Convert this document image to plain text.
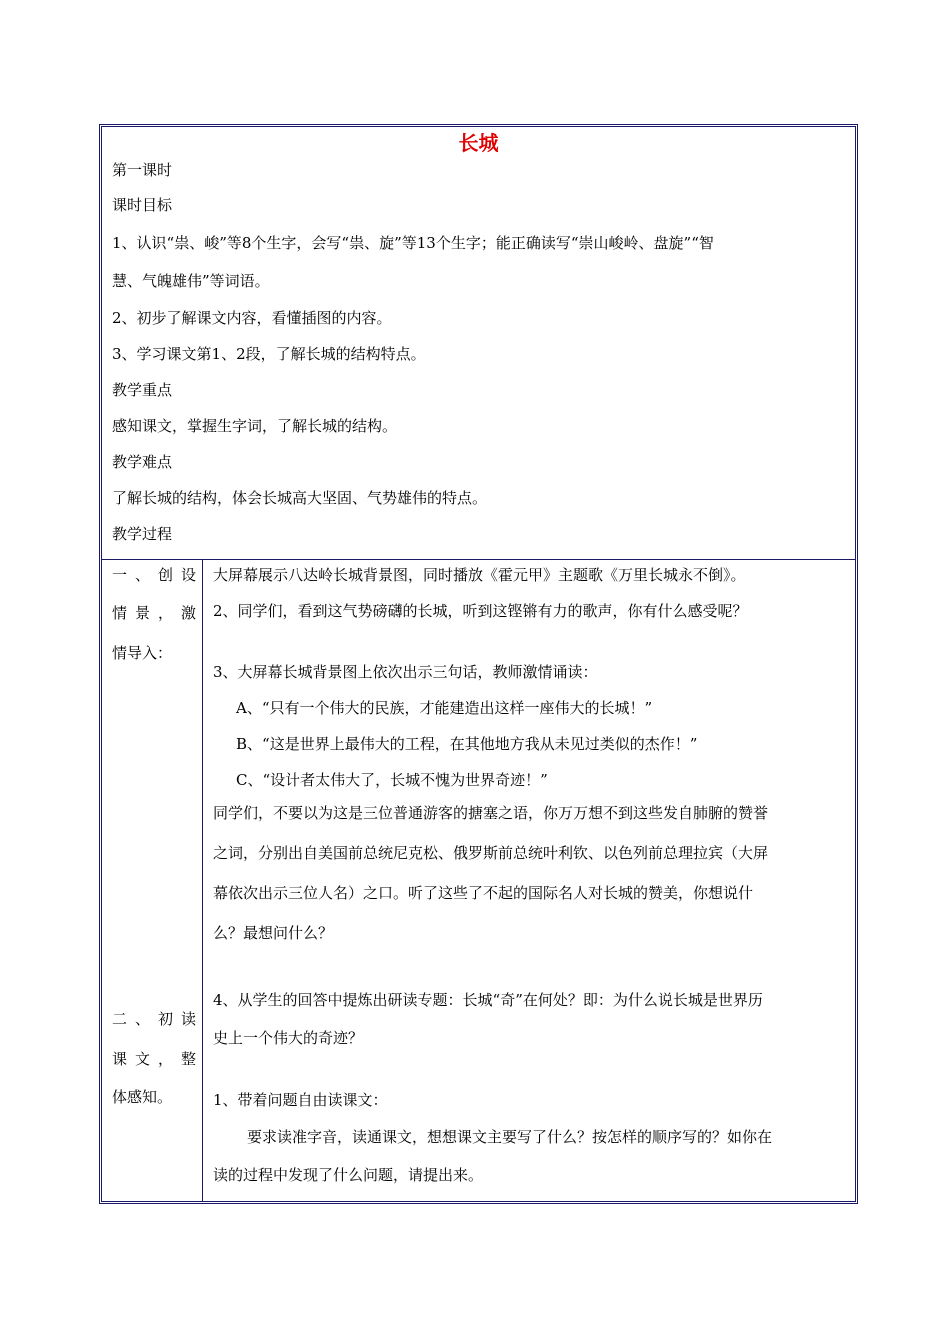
长城
第一课时
课时目标
1、认识“祟、峻”等8个生字，会写“祟、旋”等13个生字；能正确读写“崇山峻岭、盘旋”“智
慧、气魄雄伟”等词语。
2、初步了解课文内容，看懂插图的内容。
3、学习课文第1、2段，了解长城的结构特点。
教学重点
感知课文，掌握生字词，了解长城的结构。
教学难点
了解长城的结构，体会长城高大坚固、气势雄伟的特点。
教学过程
一 、 创 设
情 景 ， 激
情导入：
二 、 初 读
课 文 ， 整
体感知。
大屏幕展示八达岭长城背景图，同时播放《霍元甲》主题歌《万里长城永不倒》。
2、同学们，看到这气势磅礴的长城，听到这铿锵有力的歌声，你有什么感受呢？
3、大屏幕长城背景图上依次出示三句话，教师激情诵读：
A、“只有一个伟大的民族，才能建造出这样一座伟大的长城！”
B、“这是世界上最伟大的工程，在其他地方我从未见过类似的杰作！”
C、“设计者太伟大了，长城不愧为世界奇迹！”
同学们，不要以为这是三位普通游客的搪塞之语，你万万想不到这些发自肺腑的赞誉
之词，分别出自美国前总统尼克松、俄罗斯前总统叶利钦、以色列前总理拉宾（大屏
幕依次出示三位人名）之口。听了这些了不起的国际名人对长城的赞美，你想说什
么？最想问什么？
4、从学生的回答中提炼出研读专题：长城“奇”在何处？即：为什么说长城是世界历
史上一个伟大的奇迹？
1、带着问题自由读课文：
要求读准字音，读通课文，想想课文主要写了什么？按怎样的顺序写的？如你在
读的过程中发现了什么问题，请提出来。
